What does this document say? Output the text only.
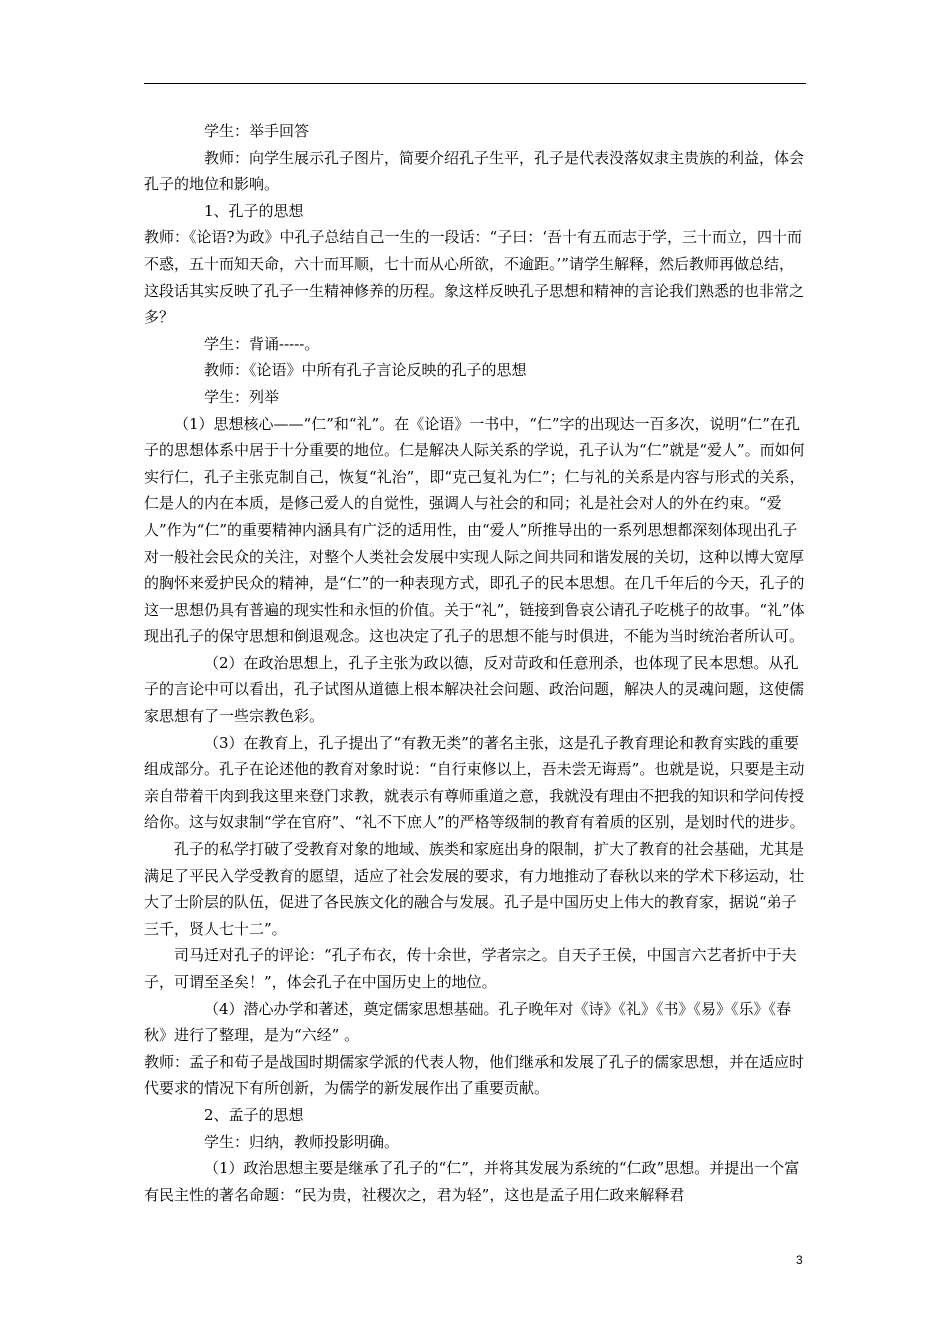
学生：举手回答

教师：向学生展示孔子图片，简要介绍孔子生平，孔子是代表没落奴隶主贵族的利益，体会孔子的地位和影响。

1、孔子的思想

教师：《论语?为政》中孔子总结自己一生的一段话：“子曰：‘吾十有五而志于学，三十而立，四十而不惑，五十而知天命，六十而耳顺，七十而从心所欲，不逾距。’”请学生解释，然后教师再做总结，这段话其实反映了孔子一生精神修养的历程。象这样反映孔子思想和精神的言论我们熟悉的也非常之多？

学生：背诵-----。

教师：《论语》中所有孔子言论反映的孔子的思想

学生：列举

（1）思想核心——“仁”和“礼”。在《论语》一书中，“仁”字的出现达一百多次，说明“仁”在孔子的思想体系中居于十分重要的地位。仁是解决人际关系的学说，孔子认为“仁”就是“爱人”。而如何实行仁，孔子主张克制自己，恢复“礼治”，即“克己复礼为仁”；仁与礼的关系是内容与形式的关系，仁是人的内在本质，是修己爱人的自觉性，强调人与社会的和同；礼是社会对人的外在约束。“爱人”作为“仁”的重要精神内涵具有广泛的适用性，由“爱人”所推导出的一系列思想都深刻体现出孔子对一般社会民众的关注，对整个人类社会发展中实现人际之间共同和谐发展的关切，这种以博大宽厚的胸怀来爱护民众的精神，是“仁”的一种表现方式，即孔子的民本思想。在几千年后的今天，孔子的这一思想仍具有普遍的现实性和永恒的价值。关于“礼”，链接到鲁哀公请孔子吃桃子的故事。“礼”体现出孔子的保守思想和倒退观念。这也决定了孔子的思想不能与时俱进，不能为当时统治者所认可。

（2）在政治思想上，孔子主张为政以德，反对苛政和任意刑杀，也体现了民本思想。从孔子的言论中可以看出，孔子试图从道德上根本解决社会问题、政治问题，解决人的灵魂问题，这使儒家思想有了一些宗教色彩。

（3）在教育上，孔子提出了“有教无类”的著名主张，这是孔子教育理论和教育实践的重要组成部分。孔子在论述他的教育对象时说：“自行束修以上，吾未尝无诲焉”。也就是说，只要是主动亲自带着干肉到我这里来登门求教，就表示有尊师重道之意，我就没有理由不把我的知识和学问传授给你。这与奴隶制“学在官府”、“礼不下庶人”的严格等级制的教育有着质的区别，是划时代的进步。

孔子的私学打破了受教育对象的地域、族类和家庭出身的限制，扩大了教育的社会基础，尤其是满足了平民入学受教育的愿望，适应了社会发展的要求，有力地推动了春秋以来的学术下移运动，壮大了士阶层的队伍，促进了各民族文化的融合与发展。孔子是中国历史上伟大的教育家，据说“弟子三千，贤人七十二”。

司马迁对孔子的评论：“孔子布衣，传十余世，学者宗之。自天子王侯，中国言六艺者折中于夫子，可谓至圣矣！”，体会孔子在中国历史上的地位。

（4）潜心办学和著述，奠定儒家思想基础。孔子晚年对《诗》《礼》《书》《易》《乐》《春秋》进行了整理，是为“六经” 。

教师：孟子和荀子是战国时期儒家学派的代表人物，他们继承和发展了孔子的儒家思想，并在适应时代要求的情况下有所创新，为儒学的新发展作出了重要贡献。

2、孟子的思想

学生：归纳，教师投影明确。

（1）政治思想主要是继承了孔子的“仁”，并将其发展为系统的“仁政”思想。并提出一个富有民主性的著名命题：“民为贵，社稷次之，君为轻”，这也是孟子用仁政来解释君

3
